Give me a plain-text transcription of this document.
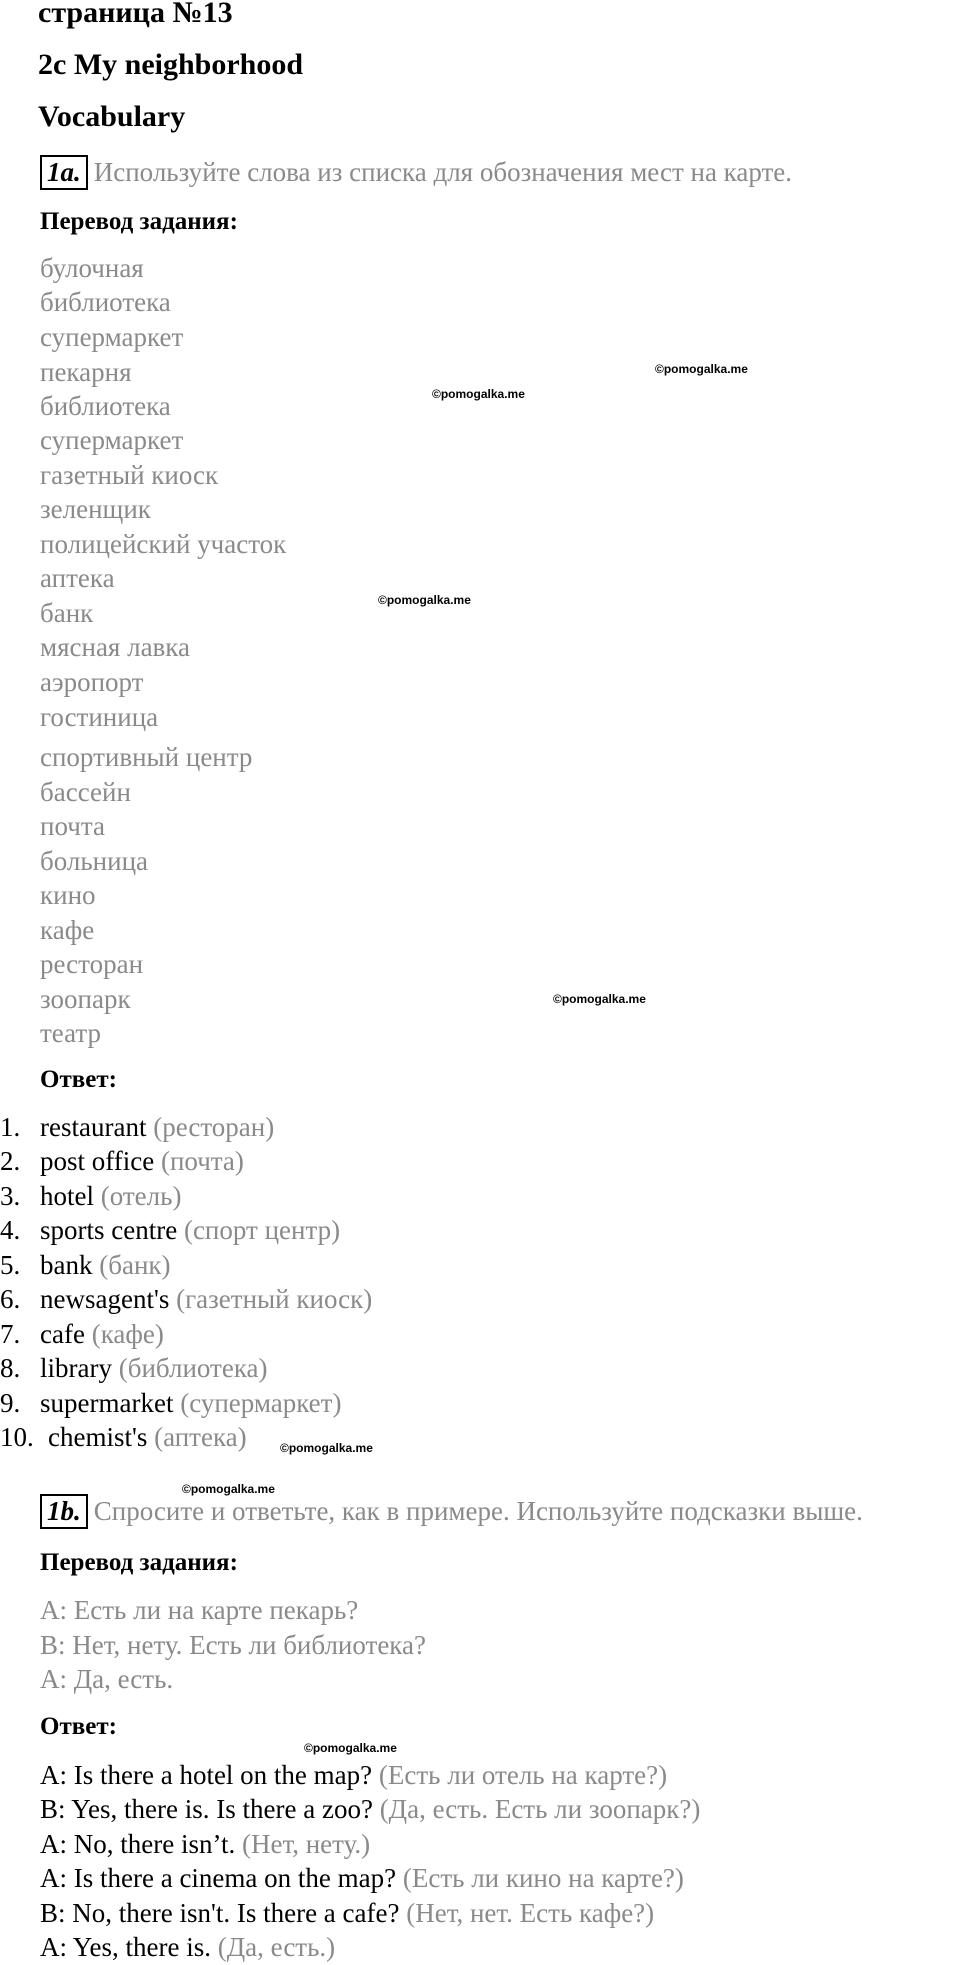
страница №13
2c My neighborhood
Vocabulary
1a. Используйте слова из списка для обозначения мест на карте.
Перевод задания:
булочная
библиотека
супермаркет
пекарня
библиотека
супермаркет
газетный киоск
зеленщик
полицейский участок
аптека
банк
мясная лавка
аэропорт
гостиница
спортивный центр
бассейн
почта
больница
кино
кафе
ресторан
зоопарк
театр
Ответ:
1. restaurant (ресторан)
2. post office (почта)
3. hotel (отель)
4. sports centre (спорт центр)
5. bank (банк)
6. newsagent's (газетный киоск)
7. cafe (кафе)
8. library (библиотека)
9. supermarket (супермаркет)
10. chemist's (аптека)
1b. Спросите и ответьте, как в примере. Используйте подсказки выше.
Перевод задания:
А: Есть ли на карте пекарь?
В: Нет, нету. Есть ли библиотека?
А: Да, есть.
Ответ:
A: Is there a hotel on the map? (Есть ли отель на карте?)
B: Yes, there is. Is there a zoo? (Да, есть. Есть ли зоопарк?)
A: No, there isn’t. (Нет, нету.)
A: Is there a cinema on the map? (Есть ли кино на карте?)
B: No, there isn't. Is there a cafe? (Нет, нет. Есть кафе?)
A: Yes, there is. (Да, есть.)
©pomogalka.me
©pomogalka.me
©pomogalka.me
©pomogalka.me
©pomogalka.me
©pomogalka.me
©pomogalka.me
